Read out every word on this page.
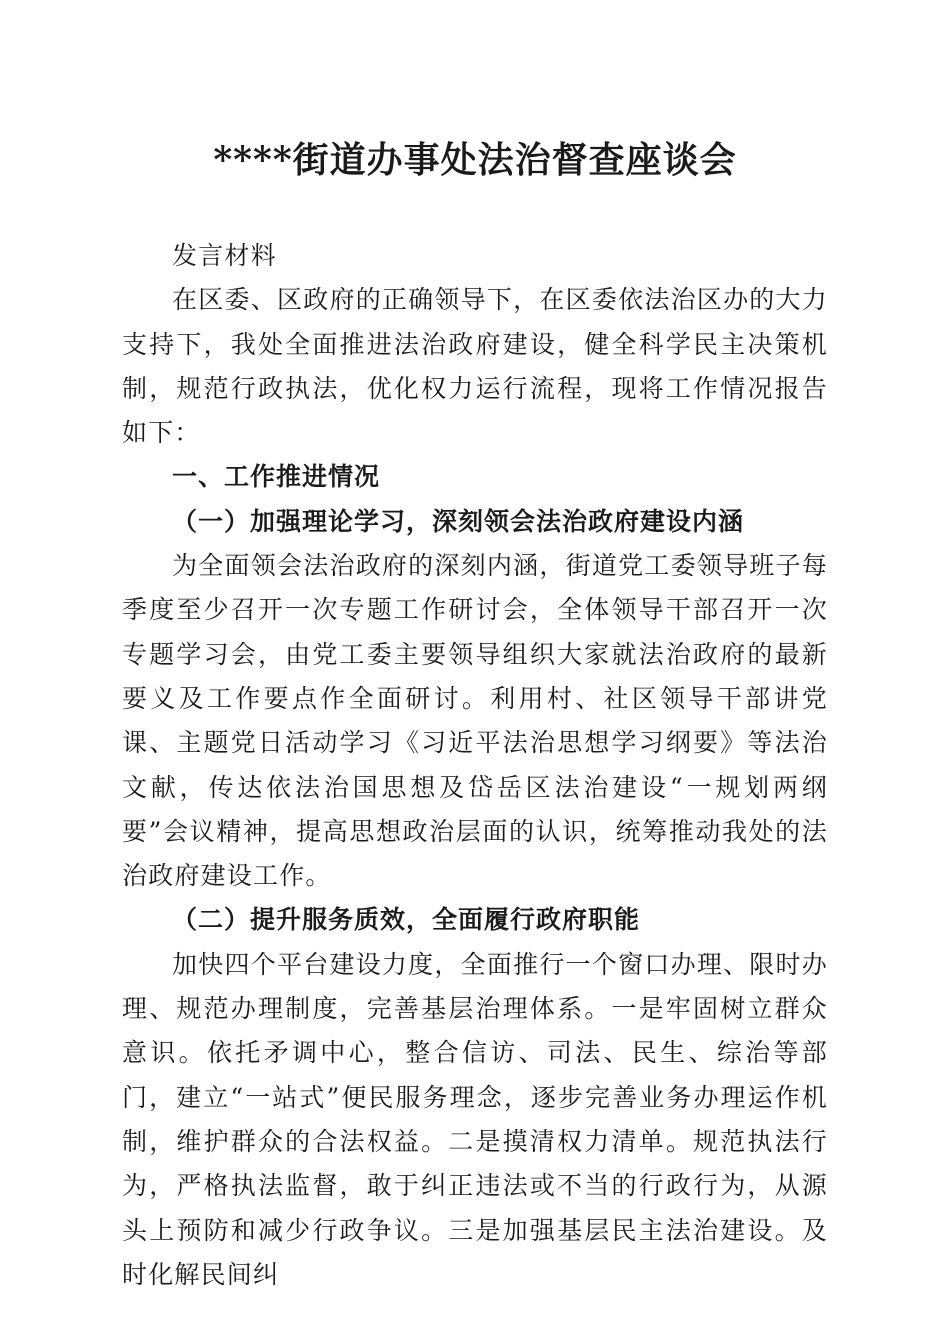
****街道办事处法治督查座谈会

发言材料

在区委、区政府的正确领导下，在区委依法治区办的大力支持下，我处全面推进法治政府建设，健全科学民主决策机制，规范行政执法，优化权力运行流程，现将工作情况报告如下：

一、工作推进情况

（一）加强理论学习，深刻领会法治政府建设内涵

为全面领会法治政府的深刻内涵，街道党工委领导班子每季度至少召开一次专题工作研讨会，全体领导干部召开一次专题学习会，由党工委主要领导组织大家就法治政府的最新要义及工作要点作全面研讨。利用村、社区领导干部讲党课、主题党日活动学习《习近平法治思想学习纲要》等法治文献，传达依法治国思想及岱岳区法治建设“一规划两纲要”会议精神，提高思想政治层面的认识，统筹推动我处的法治政府建设工作。

（二）提升服务质效，全面履行政府职能

加快四个平台建设力度，全面推行一个窗口办理、限时办理、规范办理制度，完善基层治理体系。一是牢固树立群众意识。依托矛调中心，整合信访、司法、民生、综治等部门，建立“一站式”便民服务理念，逐步完善业务办理运作机制，维护群众的合法权益。二是摸清权力清单。规范执法行为，严格执法监督，敢于纠正违法或不当的行政行为，从源头上预防和减少行政争议。三是加强基层民主法治建设。及时化解民间纠
